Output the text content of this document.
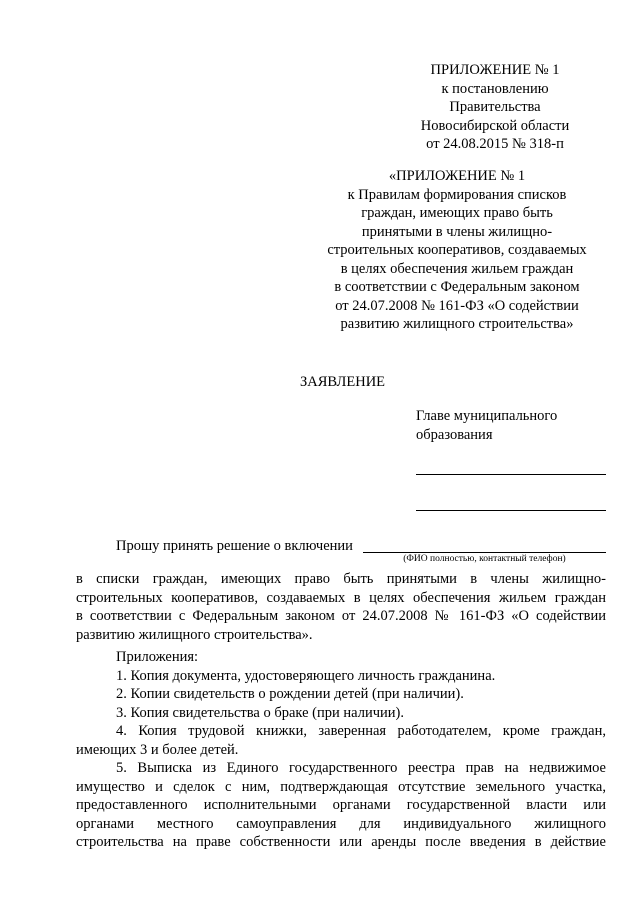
ПРИЛОЖЕНИЕ № 1
к постановлению Правительства
Новосибирской области
от 24.08.2015 № 318-п
«ПРИЛОЖЕНИЕ № 1
к Правилам формирования списков
граждан, имеющих право быть
принятыми в члены жилищно-
строительных кооперативов, создаваемых
в целях обеспечения жильем граждан
в соответствии с Федеральным законом
от 24.07.2008 № 161-ФЗ «О содействии
развитию жилищного строительства»
ЗАЯВЛЕНИЕ
Главе муниципального
образования
Прошу принять решение о включении
(ФИО полностью, контактный телефон)
в списки граждан, имеющих право быть принятыми в члены жилищно-
строительных кооперативов, создаваемых в целях обеспечения жильем граждан
в соответствии с Федеральным законом от 24.07.2008 № 161-ФЗ «О содействии
развитию жилищного строительства».
Приложения:
1. Копия документа, удостоверяющего личность гражданина.
2. Копии свидетельств о рождении детей (при наличии).
3. Копия свидетельства о браке (при наличии).
4. Копия трудовой книжки, заверенная работодателем, кроме граждан,
имеющих 3 и более детей.
5. Выписка из Единого государственного реестра прав на недвижимое
имущество и сделок с ним, подтверждающая отсутствие земельного участка,
предоставленного исполнительными органами государственной власти или
органами местного самоуправления для индивидуального жилищного
строительства на праве собственности или аренды после введения в действие
